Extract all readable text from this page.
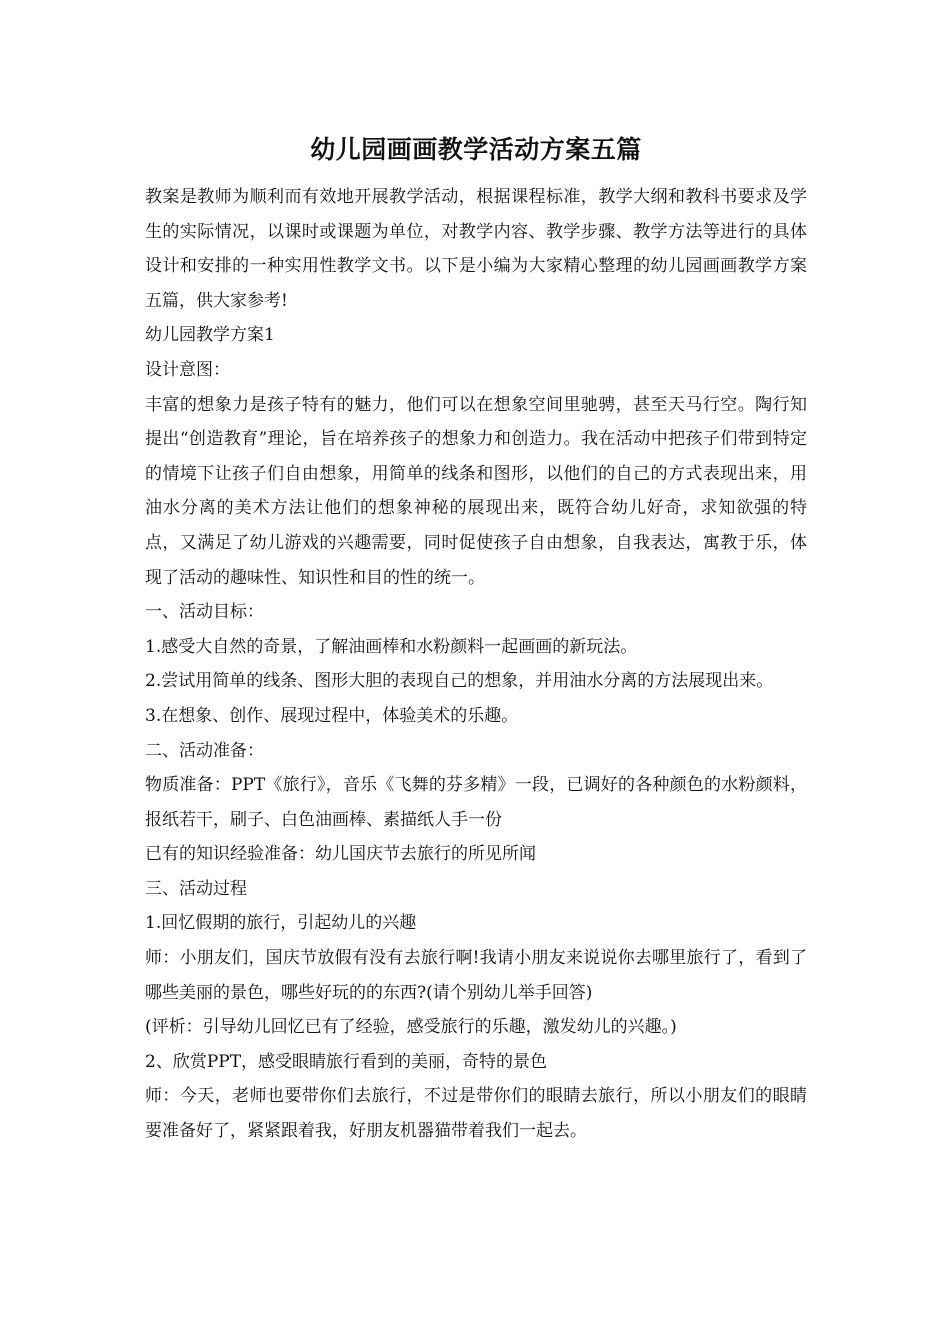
幼儿园画画教学活动方案五篇

教案是教师为顺利而有效地开展教学活动，根据课程标准，教学大纲和教科书要求及学生的实际情况，以课时或课题为单位，对教学内容、教学步骤、教学方法等进行的具体设计和安排的一种实用性教学文书。以下是小编为大家精心整理的幼儿园画画教学方案五篇，供大家参考!

幼儿园教学方案1

设计意图：

丰富的想象力是孩子特有的魅力，他们可以在想象空间里驰骋，甚至天马行空。陶行知提出“创造教育”理论，旨在培养孩子的想象力和创造力。我在活动中把孩子们带到特定的情境下让孩子们自由想象，用简单的线条和图形，以他们的自己的方式表现出来，用油水分离的美术方法让他们的想象神秘的展现出来，既符合幼儿好奇，求知欲强的特点，又满足了幼儿游戏的兴趣需要，同时促使孩子自由想象，自我表达，寓教于乐，体现了活动的趣味性、知识性和目的性的统一。

一、活动目标：

1.感受大自然的奇景，了解油画棒和水粉颜料一起画画的新玩法。

2.尝试用简单的线条、图形大胆的表现自己的想象，并用油水分离的方法展现出来。

3.在想象、创作、展现过程中，体验美术的乐趣。

二、活动准备：

物质准备：PPT《旅行》，音乐《飞舞的芬多精》一段，已调好的各种颜色的水粉颜料，报纸若干，刷子、白色油画棒、素描纸人手一份

已有的知识经验准备：幼儿国庆节去旅行的所见所闻

三、活动过程

1.回忆假期的旅行，引起幼儿的兴趣

师：小朋友们，国庆节放假有没有去旅行啊!我请小朋友来说说你去哪里旅行了，看到了哪些美丽的景色，哪些好玩的的东西?(请个别幼儿举手回答)

(评析：引导幼儿回忆已有了经验，感受旅行的乐趣，激发幼儿的兴趣。)

2、欣赏PPT，感受眼睛旅行看到的美丽，奇特的景色

师：今天，老师也要带你们去旅行，不过是带你们的眼睛去旅行，所以小朋友们的眼睛要准备好了，紧紧跟着我，好朋友机器猫带着我们一起去。
